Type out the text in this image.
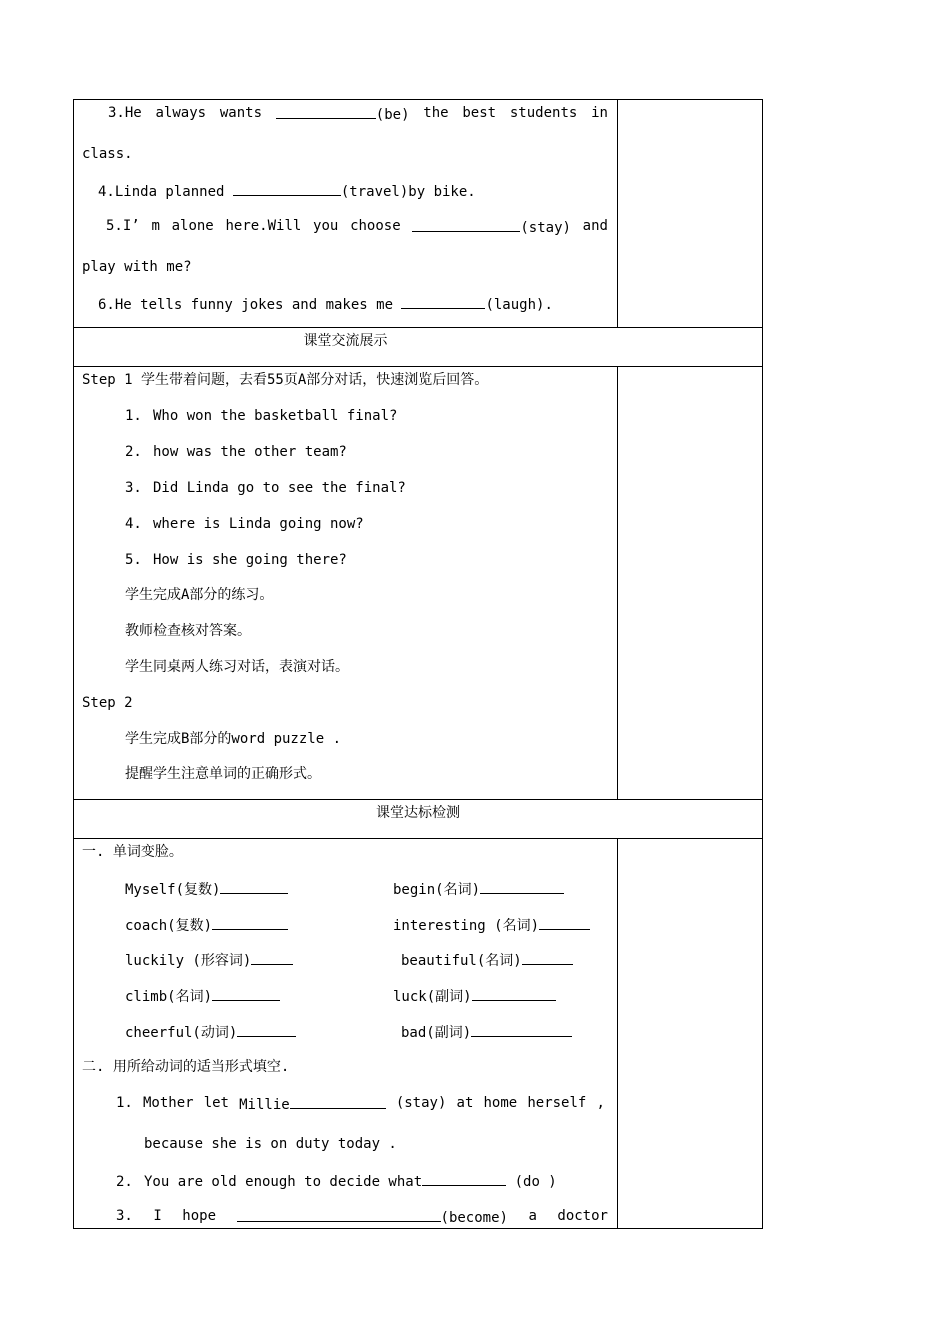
3.He always wants	(be) the best students in
class.
4.Linda planned	(travel)by bike.
5.I’ m alone here.Will you choose	(stay) and
play with me?
6.He tells funny jokes and makes me	(laugh).
课堂交流展示
Step 1 学生带着问题，去看55页A部分对话，快速浏览后回答。
1. Who won the basketball final?
2. how was the other team?
3. Did Linda go to see the final?
4. where is Linda going now?
5. How is she going there?
学生完成A部分的练习。
教师检查核对答案。
学生同桌两人练习对话，表演对话。
Step 2
学生完成B部分的word puzzle .
提醒学生注意单词的正确形式。
课堂达标检测
一. 单词变脸。
Myself(复数)	begin(名词)
coach(复数)	interesting (名词)
luckily (形容词)	beautiful(名词)
climb(名词)	luck(副词)
cheerful(动词)	bad(副词)
二. 用所给动词的适当形式填空.
1. Mother let Millie	(stay) at home herself ,
because she is on duty today .
2. You are old enough to decide what	(do )
3. I hope	(become) a doctor
